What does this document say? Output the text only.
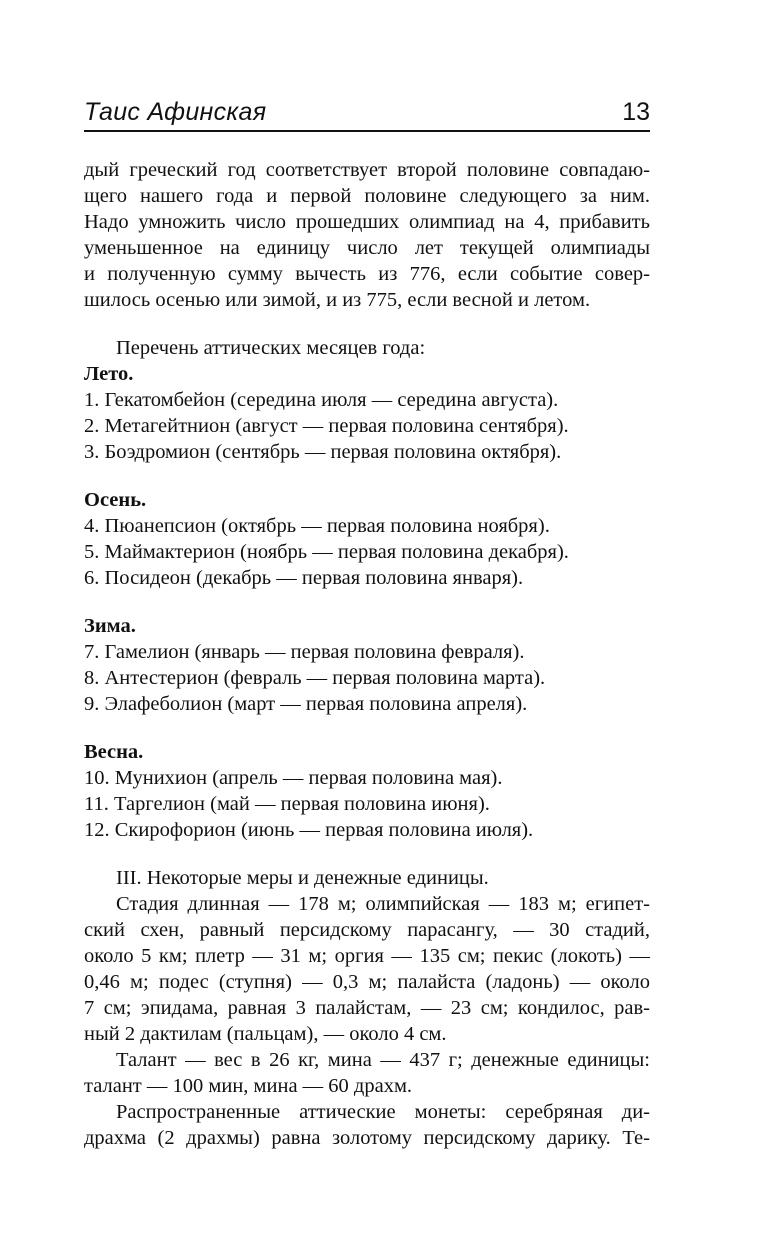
Таис Афинская	13

дый греческий год соответствует второй половине совпадаю-
щего нашего года и первой половине следующего за ним.
Надо умножить число прошедших олимпиад на 4, прибавить
уменьшенное на единицу число лет текущей олимпиады
и полученную сумму вычесть из 776, если событие совер-
шилось осенью или зимой, и из 775, если весной и летом.

Перечень аттических месяцев года:

Лето.
1. Гекатомбейон (середина июля — середина августа).
2. Метагейтнион (август — первая половина сентября).
3. Боэдромион (сентябрь — первая половина октября).
Осень.
4. Пюанепсион (октябрь — первая половина ноября).
5. Маймактерион (ноябрь — первая половина декабря).
6. Посидеон (декабрь — первая половина января).
Зима.
7. Гамелион (январь — первая половина февраля).
8. Антестерион (февраль — первая половина марта).
9. Элафеболион (март — первая половина апреля).
Весна.
10. Мунихион (апрель — первая половина мая).
11. Таргелион (май — первая половина июня).
12. Скирофорион (июнь — первая половина июля).

III. Некоторые меры и денежные единицы.

Стадия длинная — 178 м; олимпийская — 183 м; египет-
ский схен, равный персидскому парасангу, — 30 стадий,
около 5 км; плетр — 31 м; оргия — 135 см; пекис (локоть) —
0,46 м; подес (ступня) — 0,3 м; палайста (ладонь) — около
7 см; эпидама, равная 3 палайстам, — 23 см; кондилос, рав-
ный 2 дактилам (пальцам), — около 4 см.

Талант — вес в 26 кг, мина — 437 г; денежные единицы:
талант — 100 мин, мина — 60 драхм.

Распространенные аттические монеты: серебряная ди-
драхма (2 драхмы) равна золотому персидскому дарику. Те-
